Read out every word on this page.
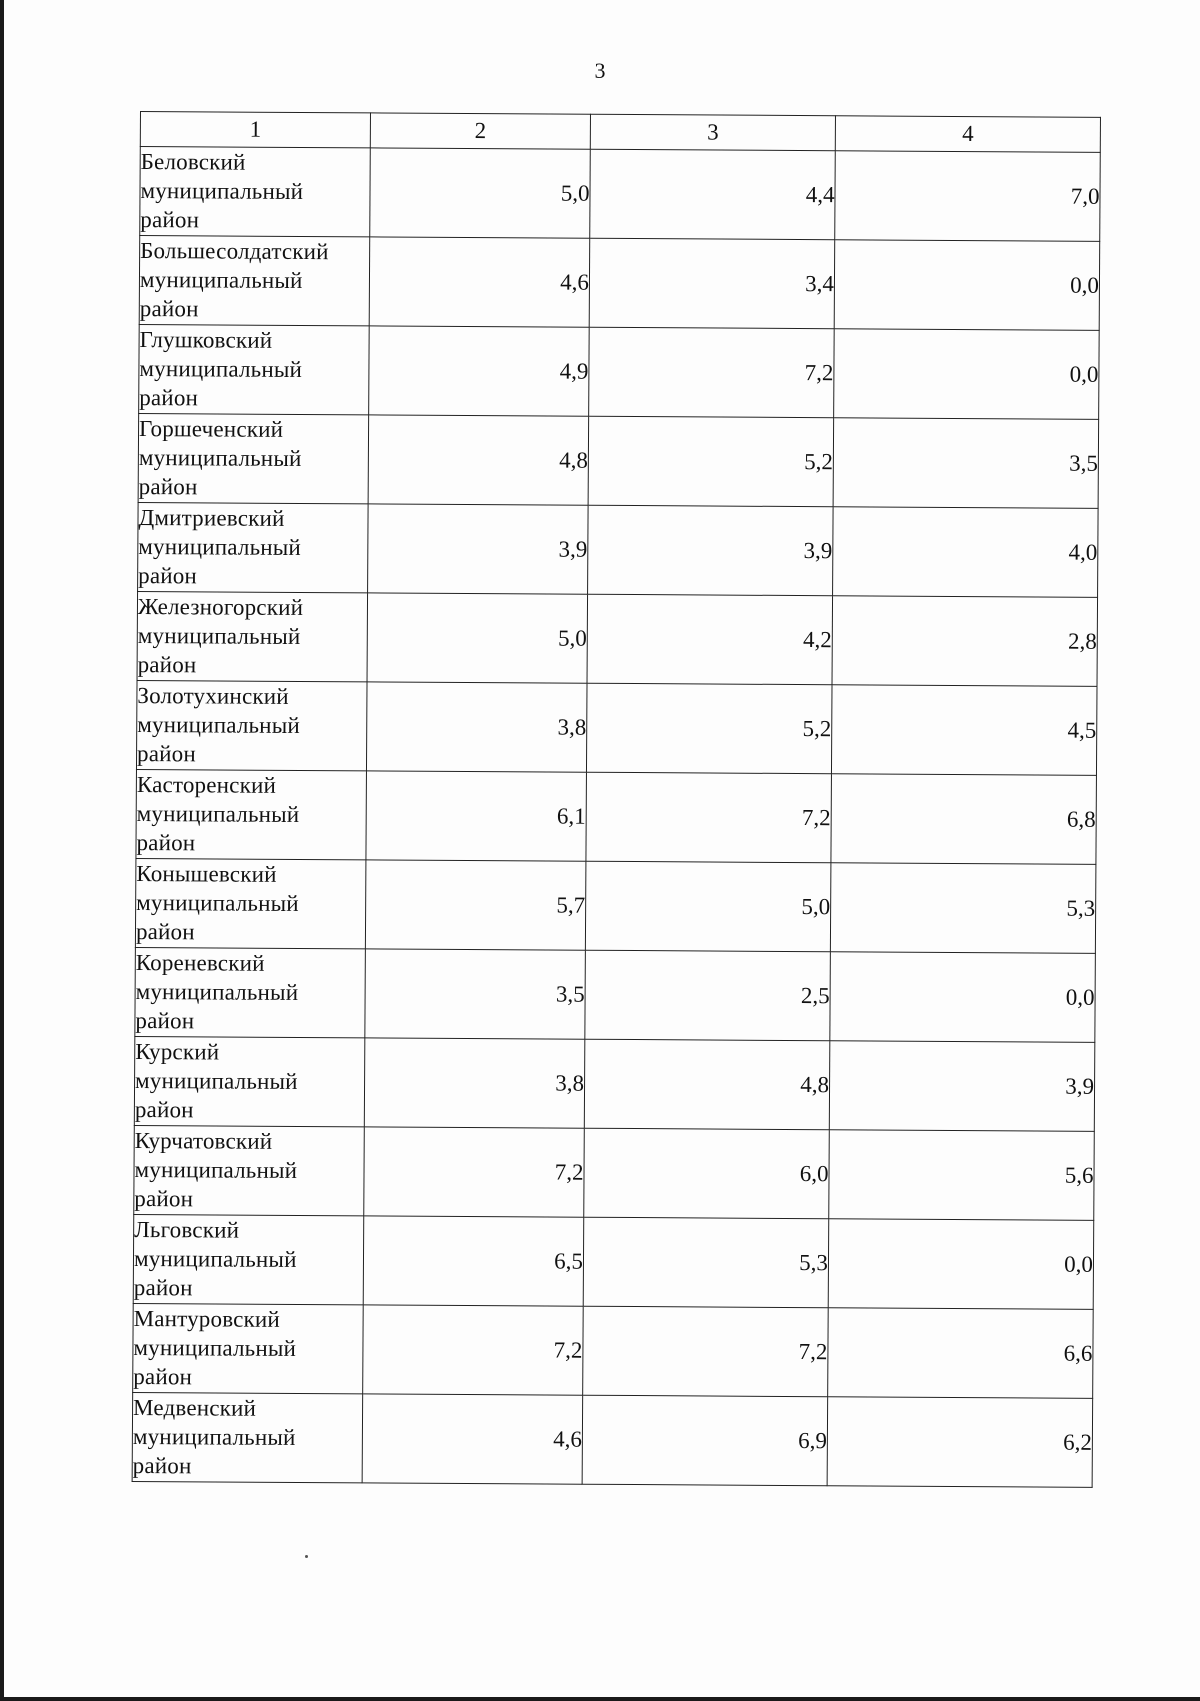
3
1	2	3	4

Беловский
муниципальный
район	5,0	4,4	7,0

Большесолдатский
муниципальный
район	4,6	3,4	0,0

Глушковский
муниципальный
район	4,9	7,2	0,0

Горшеченский
муниципальный
район	4,8	5,2	3,5

Дмитриевский
муниципальный
район	3,9	3,9	4,0

Железногорский
муниципальный
район	5,0	4,2	2,8

Золотухинский
муниципальный
район	3,8	5,2	4,5

Касторенский
муниципальный
район	6,1	7,2	6,8

Конышевский
муниципальный
район	5,7	5,0	5,3

Кореневский
муниципальный
район	3,5	2,5	0,0

Курский
муниципальный
район	3,8	4,8	3,9

Курчатовский
муниципальный
район	7,2	6,0	5,6

Льговский
муниципальный
район	6,5	5,3	0,0

Мантуровский
муниципальный
район	7,2	7,2	6,6

Медвенский
муниципальный
район	4,6	6,9	6,2
